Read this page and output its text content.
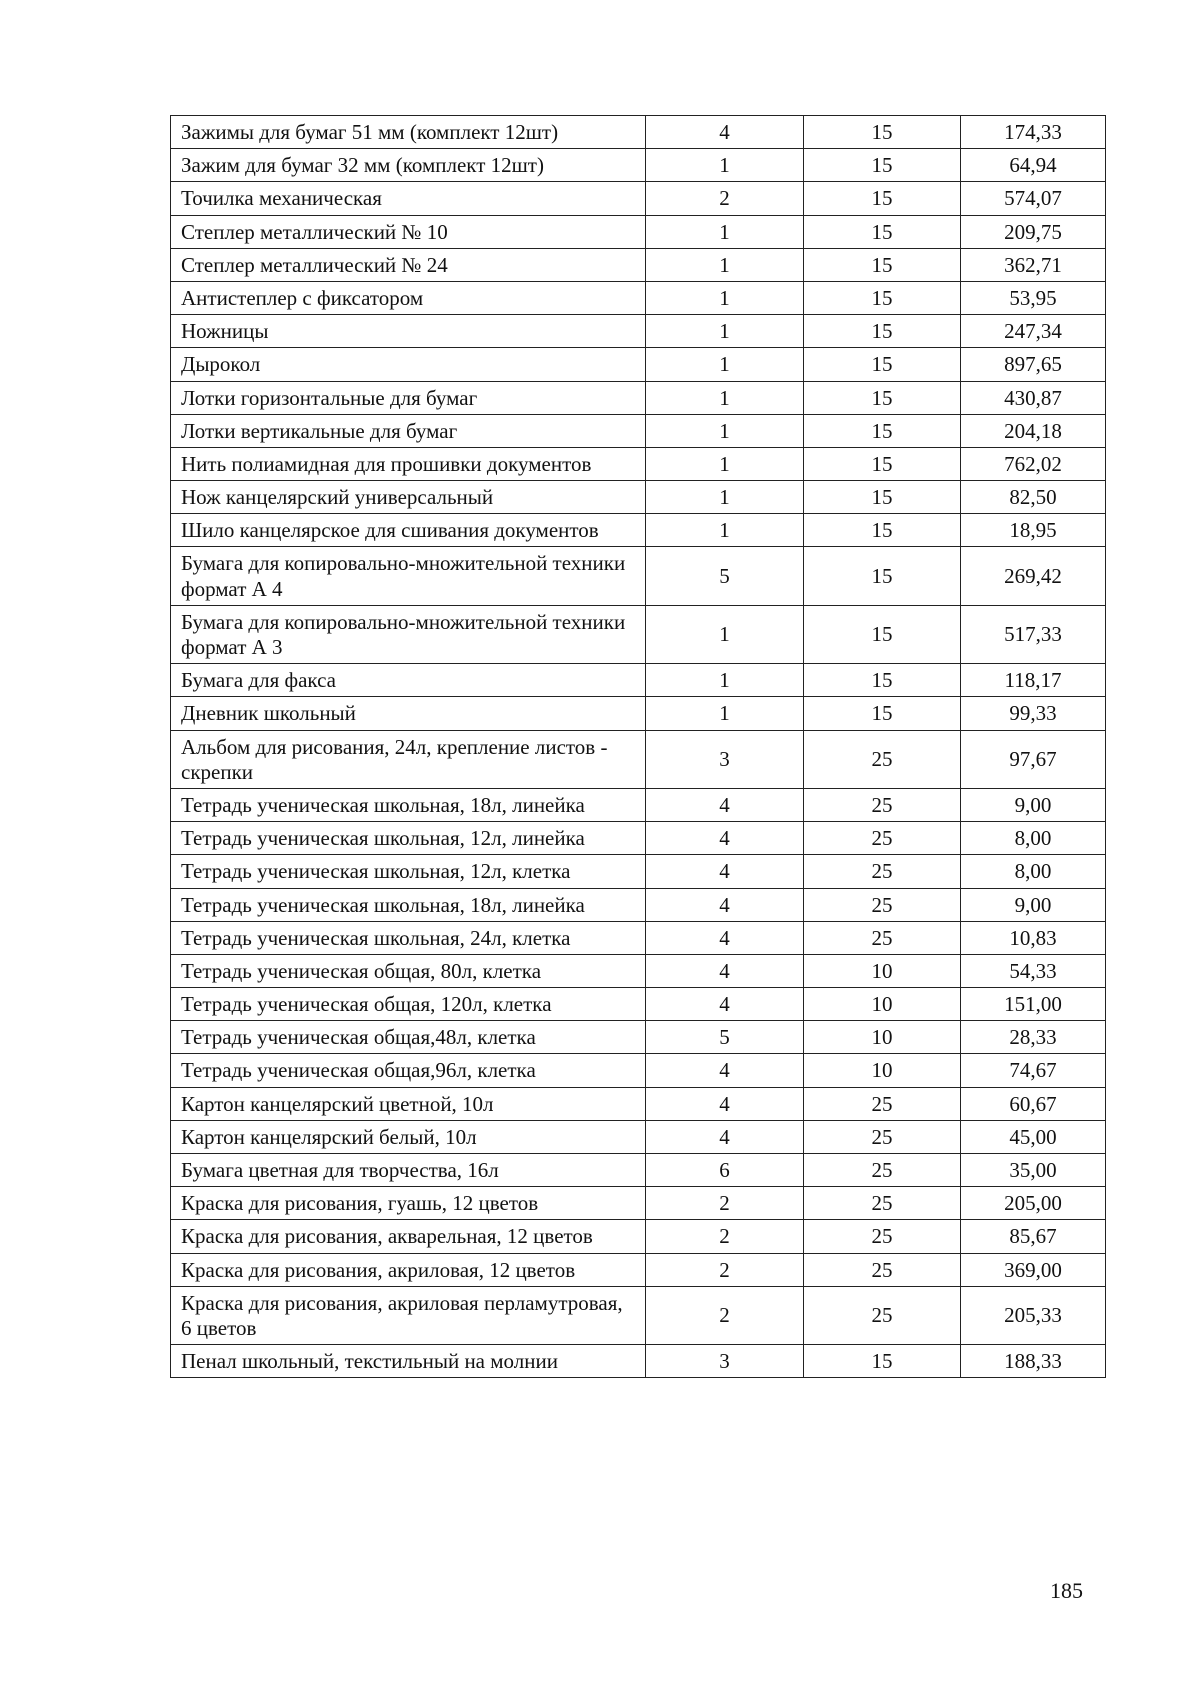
Зажимы для бумаг 51 мм (комплект 12шт)	4	15	174,33
Зажим для бумаг 32 мм (комплект 12шт)	1	15	64,94
Точилка механическая	2	15	574,07
Степлер металлический № 10	1	15	209,75
Степлер металлический № 24	1	15	362,71
Антистеплер с фиксатором	1	15	53,95
Ножницы	1	15	247,34
Дырокол	1	15	897,65
Лотки горизонтальные для бумаг	1	15	430,87
Лотки вертикальные для бумаг	1	15	204,18
Нить полиамидная для прошивки документов	1	15	762,02
Нож канцелярский универсальный	1	15	82,50
Шило канцелярское для сшивания документов	1	15	18,95
Бумага для копировально-множительной техники формат А 4	5	15	269,42
Бумага для копировально-множительной техники формат А 3	1	15	517,33
Бумага для факса	1	15	118,17
Дневник школьный	1	15	99,33
Альбом для рисования, 24л, крепление листов - скрепки	3	25	97,67
Тетрадь ученическая школьная, 18л, линейка	4	25	9,00
Тетрадь ученическая школьная, 12л, линейка	4	25	8,00
Тетрадь ученическая школьная, 12л, клетка	4	25	8,00
Тетрадь ученическая школьная, 18л, линейка	4	25	9,00
Тетрадь ученическая школьная, 24л, клетка	4	25	10,83
Тетрадь ученическая общая, 80л, клетка	4	10	54,33
Тетрадь ученическая общая, 120л, клетка	4	10	151,00
Тетрадь ученическая общая,48л, клетка	5	10	28,33
Тетрадь ученическая общая,96л, клетка	4	10	74,67
Картон канцелярский цветной, 10л	4	25	60,67
Картон канцелярский белый, 10л	4	25	45,00
Бумага цветная для творчества, 16л	6	25	35,00
Краска для рисования, гуашь, 12 цветов	2	25	205,00
Краска для рисования, акварельная, 12 цветов	2	25	85,67
Краска для рисования, акриловая, 12 цветов	2	25	369,00
Краска для рисования, акриловая перламутровая, 6 цветов	2	25	205,33
Пенал школьный, текстильный на молнии	3	15	188,33
185
